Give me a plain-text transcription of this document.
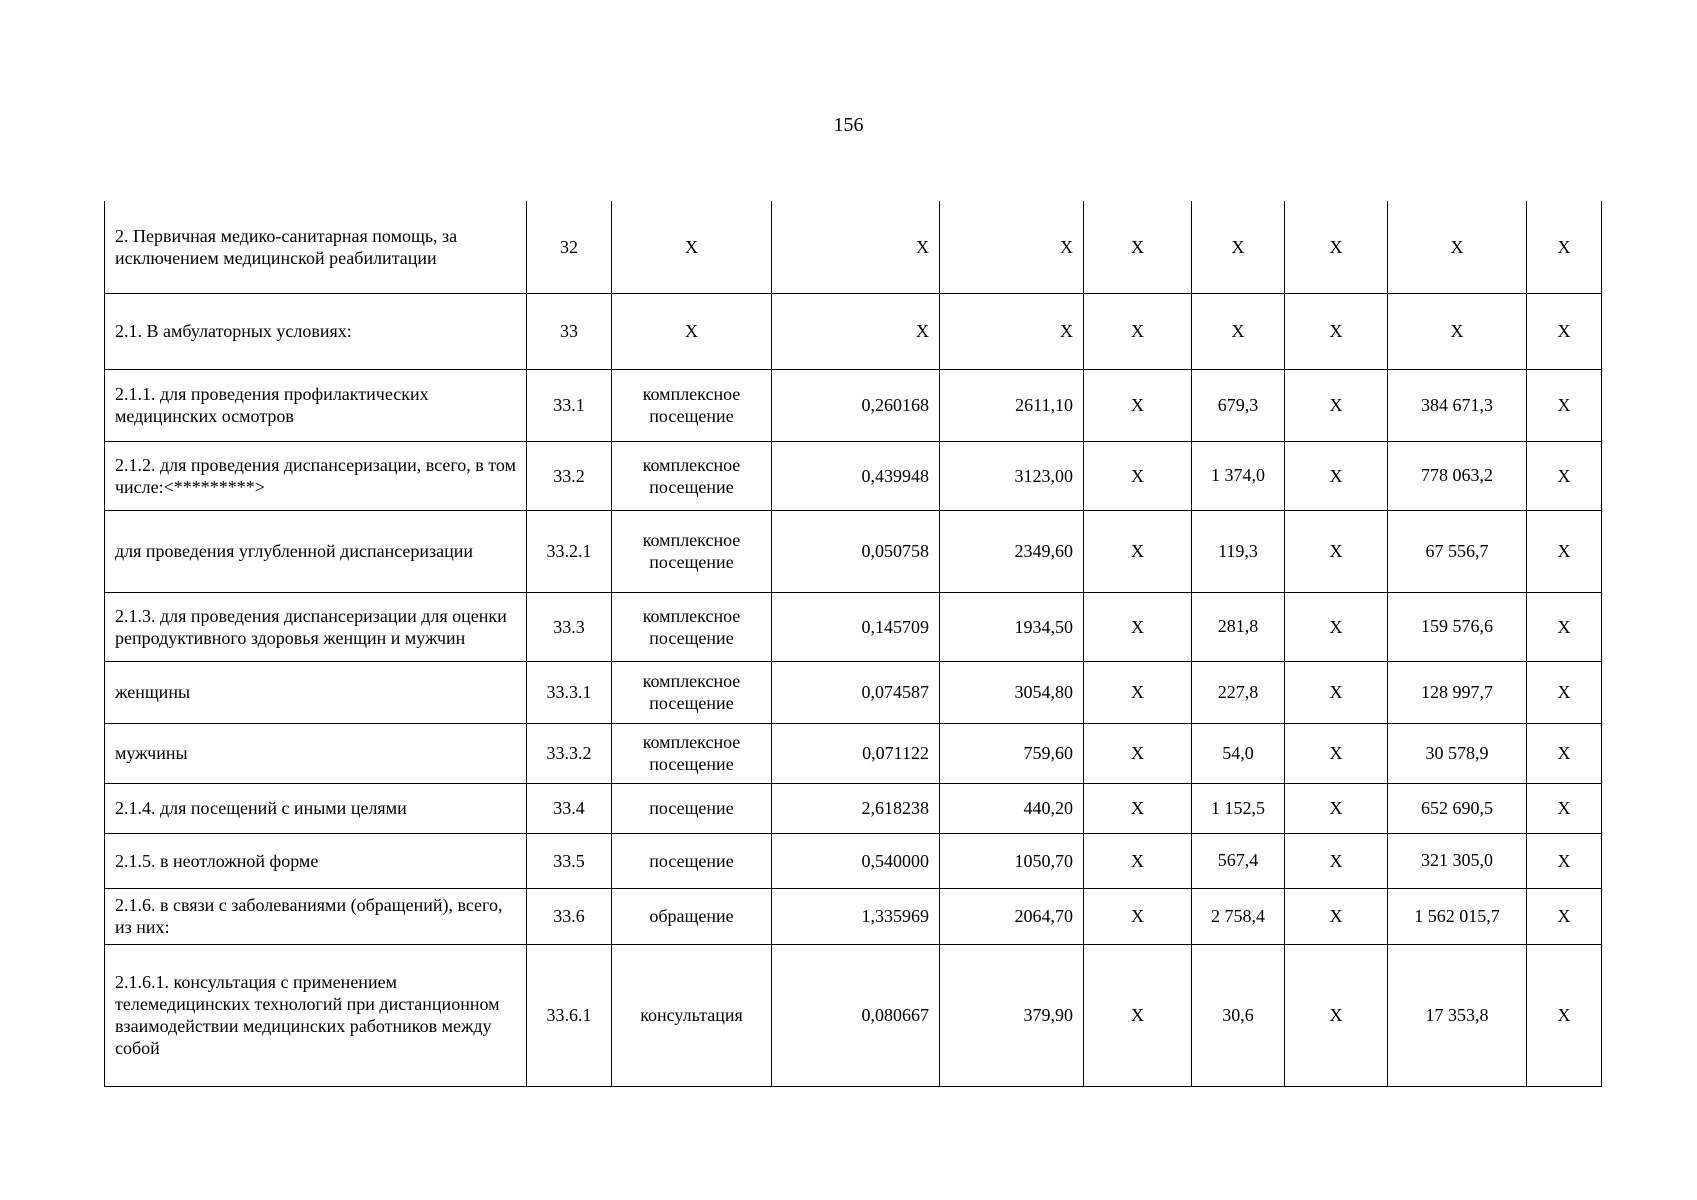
156
2. Первичная медико-санитарная помощь, за исключением медицинской реабилитации	32	Х	Х	Х	Х	Х	Х	Х	Х
2.1. В амбулаторных условиях:	33	Х	Х	Х	Х	Х	Х	Х	Х
2.1.1. для проведения профилактических медицинских осмотров	33.1	комплексное посещение	0,260168	2611,10	Х	679,3	Х	384 671,3	Х
2.1.2. для проведения диспансеризации, всего, в том числе:<*********>	33.2	комплексное посещение	0,439948	3123,00	Х	1 374,0	Х	778 063,2	Х
для проведения углубленной диспансеризации	33.2.1	комплексное посещение	0,050758	2349,60	Х	119,3	Х	67 556,7	Х
2.1.3. для проведения диспансеризации для оценки репродуктивного здоровья женщин и мужчин	33.3	комплексное посещение	0,145709	1934,50	Х	281,8	Х	159 576,6	Х
женщины	33.3.1	комплексное посещение	0,074587	3054,80	Х	227,8	Х	128 997,7	Х
мужчины	33.3.2	комплексное посещение	0,071122	759,60	Х	54,0	Х	30 578,9	Х
2.1.4. для посещений с иными целями	33.4	посещение	2,618238	440,20	Х	1 152,5	Х	652 690,5	Х
2.1.5. в неотложной форме	33.5	посещение	0,540000	1050,70	Х	567,4	Х	321 305,0	Х
2.1.6. в связи с заболеваниями (обращений), всего, из них:	33.6	обращение	1,335969	2064,70	Х	2 758,4	Х	1 562 015,7	Х
2.1.6.1. консультация с применением телемедицинских технологий при дистанционном взаимодействии медицинских работников между собой	33.6.1	консультация	0,080667	379,90	Х	30,6	Х	17 353,8	Х
